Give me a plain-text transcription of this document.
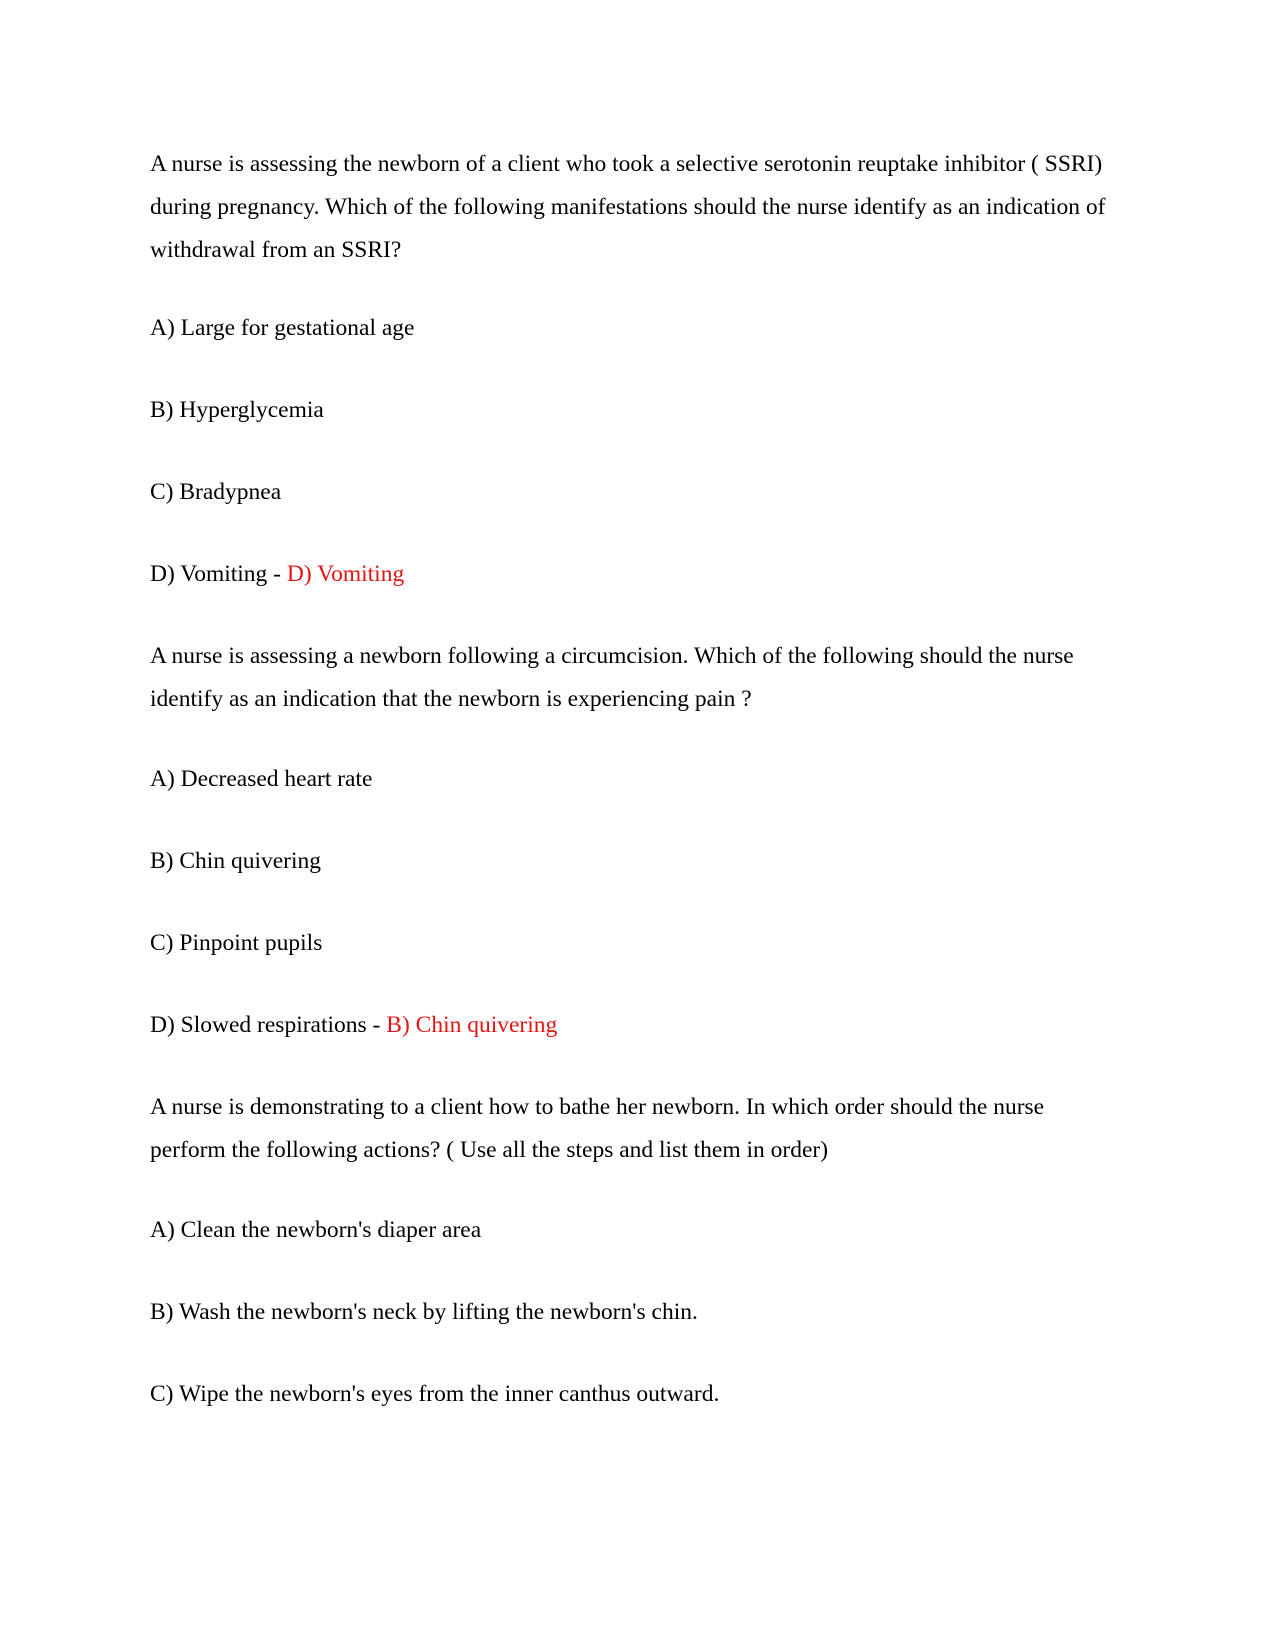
A nurse is assessing the newborn of a client who took a selective serotonin reuptake inhibitor ( SSRI) during pregnancy. Which of the following manifestations should the nurse identify as an indication of withdrawal from an SSRI?

A) Large for gestational age

B) Hyperglycemia

C) Bradypnea

D) Vomiting - D) Vomiting

A nurse is assessing a newborn following a circumcision. Which of the following should the nurse identify as an indication that the newborn is experiencing pain ?

A) Decreased heart rate

B) Chin quivering

C) Pinpoint pupils

D) Slowed respirations - B) Chin quivering

A nurse is demonstrating to a client how to bathe her newborn. In which order should the nurse perform the following actions? ( Use all the steps and list them in order)

A) Clean the newborn's diaper area

B) Wash the newborn's neck by lifting the newborn's chin.

C) Wipe the newborn's eyes from the inner canthus outward.
